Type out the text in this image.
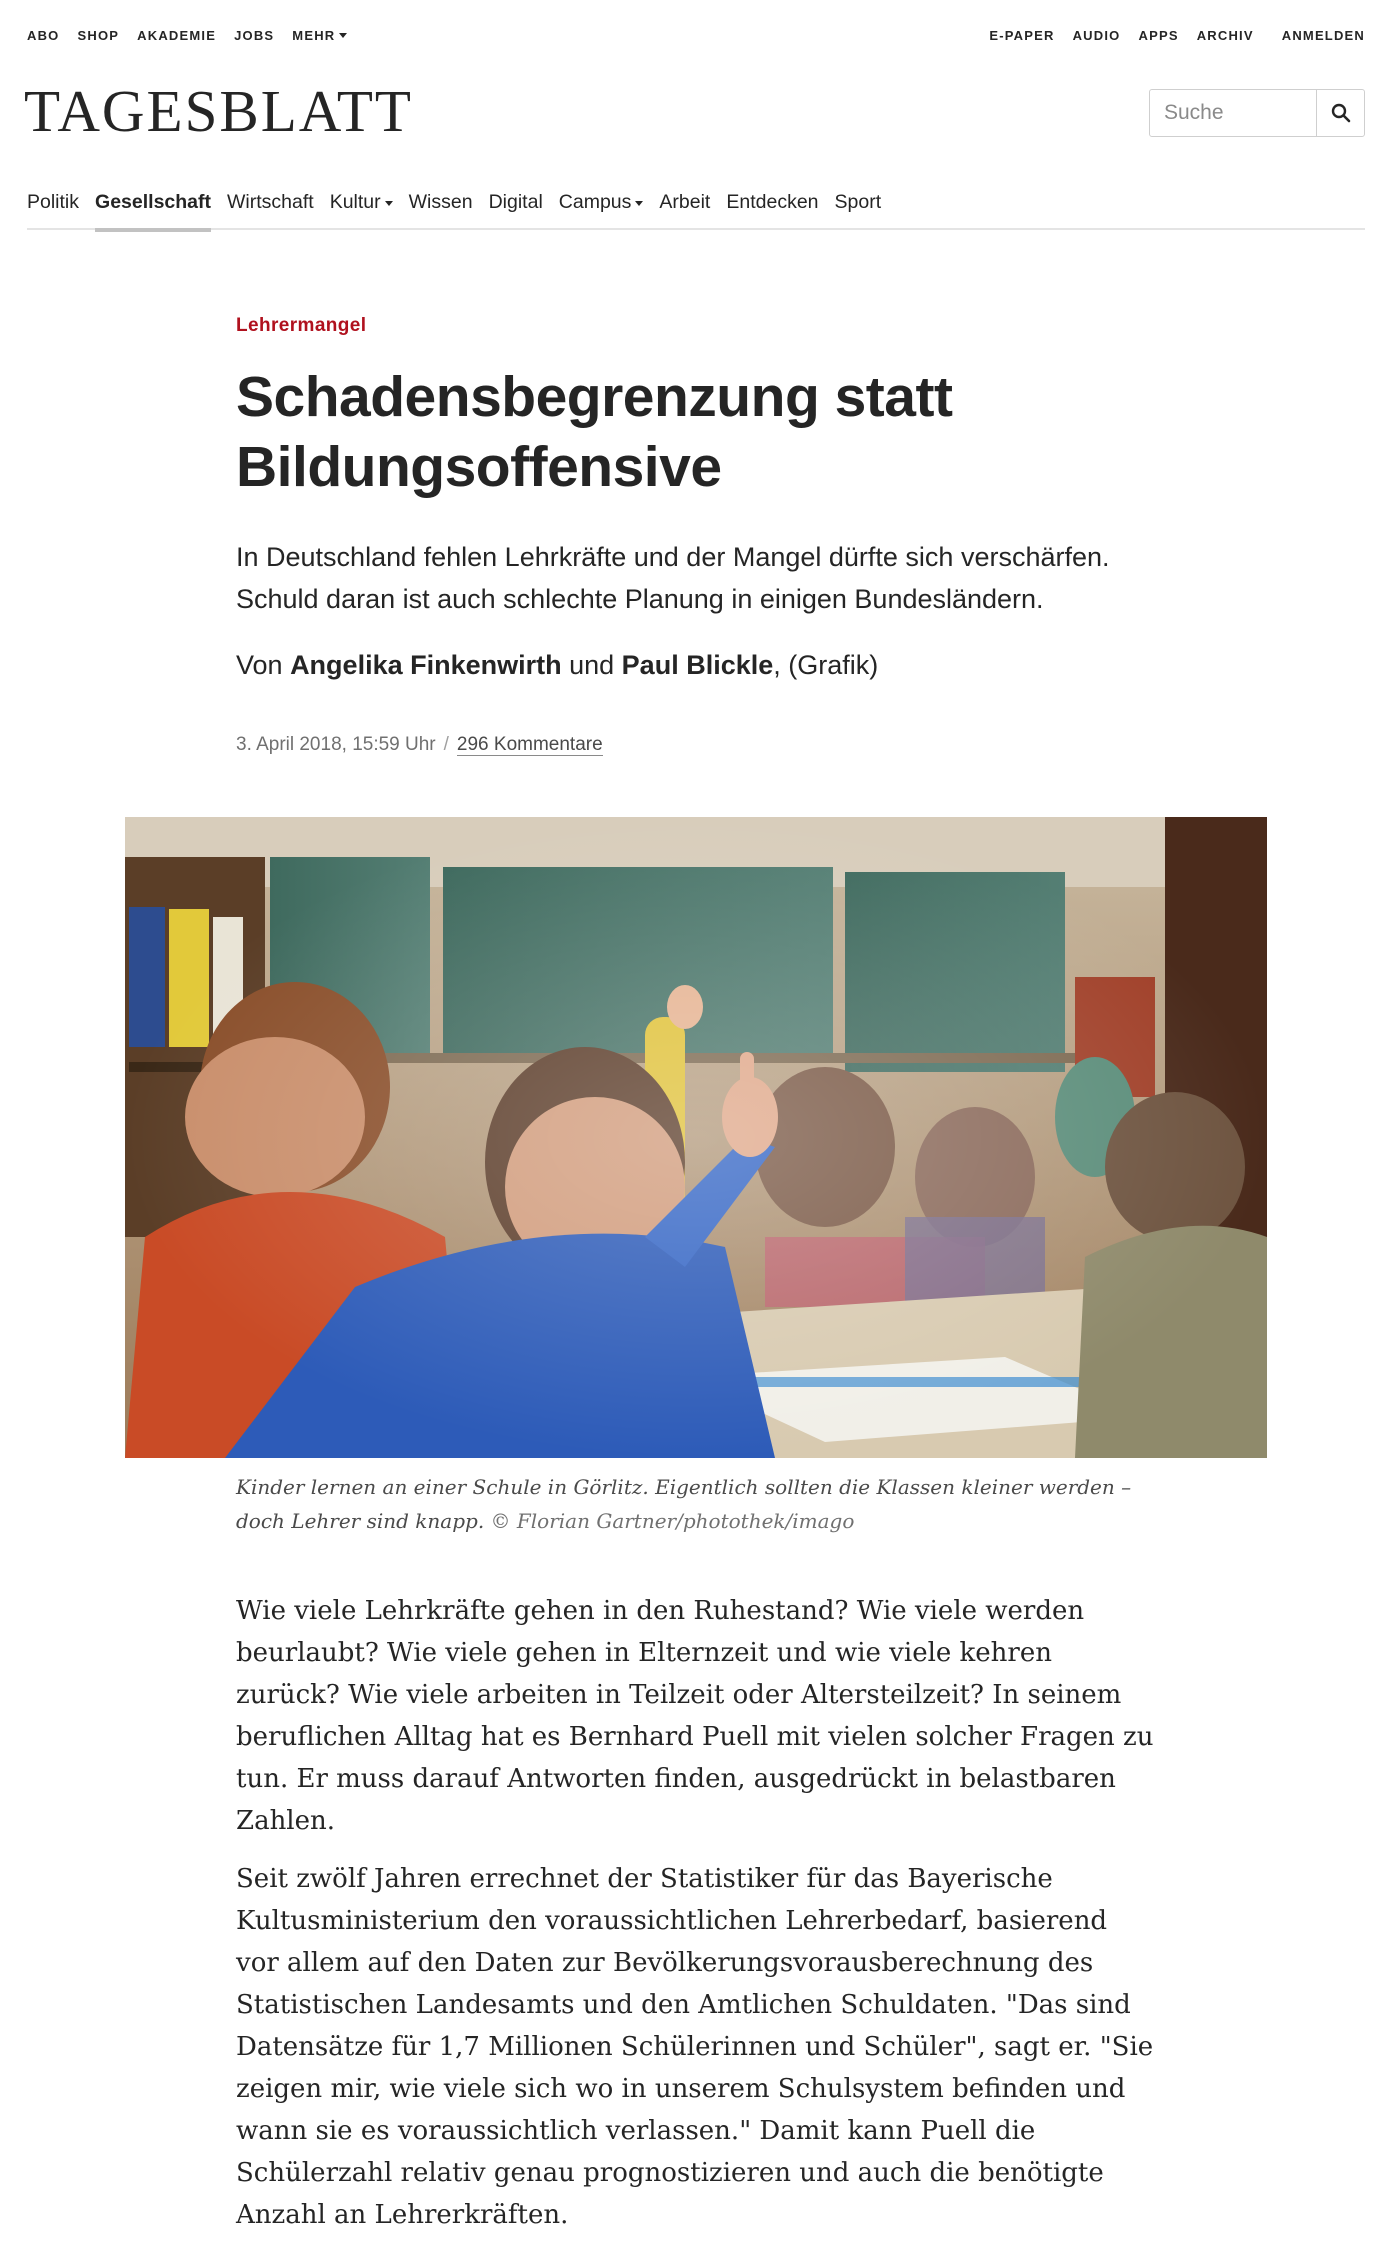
ABO SHOP AKADEMIE JOBS MEHR	E-PAPER AUDIO APPS ARCHIV ANMELDEN
TAGESBLATT
Suche
Politik Gesellschaft Wirtschaft Kultur	Wissen Digital Campus	Arbeit Entdecken Sport
Lehrermangel
Schadensbegrenzung statt
Bildungsoffensive
In Deutschland fehlen Lehrkräfte und der Mangel dürfte sich verschärfen.
Schuld daran ist auch schlechte Planung in einigen Bundesländern.
Von Angelika Finkenwirth und Paul Blickle, (Grafik)
3. April 2018, 15:59 Uhr / 296 Kommentare
Kinder lernen an einer Schule in Görlitz. Eigentlich sollten die Klassen kleiner werden – doch Lehrer sind knapp. © Florian Gartner/photothek/imago

Wie viele Lehrkräfte gehen in den Ruhestand? Wie viele werden beurlaubt? Wie viele gehen in Elternzeit und wie viele kehren zurück? Wie viele arbeiten in Teilzeit oder Altersteilzeit? In seinem beruflichen Alltag hat es Bernhard Puell mit vielen solcher Fragen zu tun. Er muss darauf Antworten finden, ausgedrückt in belastbaren Zahlen.

Seit zwölf Jahren errechnet der Statistiker für das Bayerische Kultusministerium den voraussichtlichen Lehrerbedarf, basierend vor allem auf den Daten zur Bevölkerungsvorausberechnung des Statistischen Landesamts und den Amtlichen Schuldaten. "Das sind Datensätze für 1,7 Millionen Schülerinnen und Schüler", sagt er. "Sie zeigen mir, wie viele sich wo in unserem Schulsystem befinden und wann sie es voraussichtlich verlassen." Damit kann Puell die Schülerzahl relativ genau prognostizieren und auch die benötigte Anzahl an Lehrerkräften.
